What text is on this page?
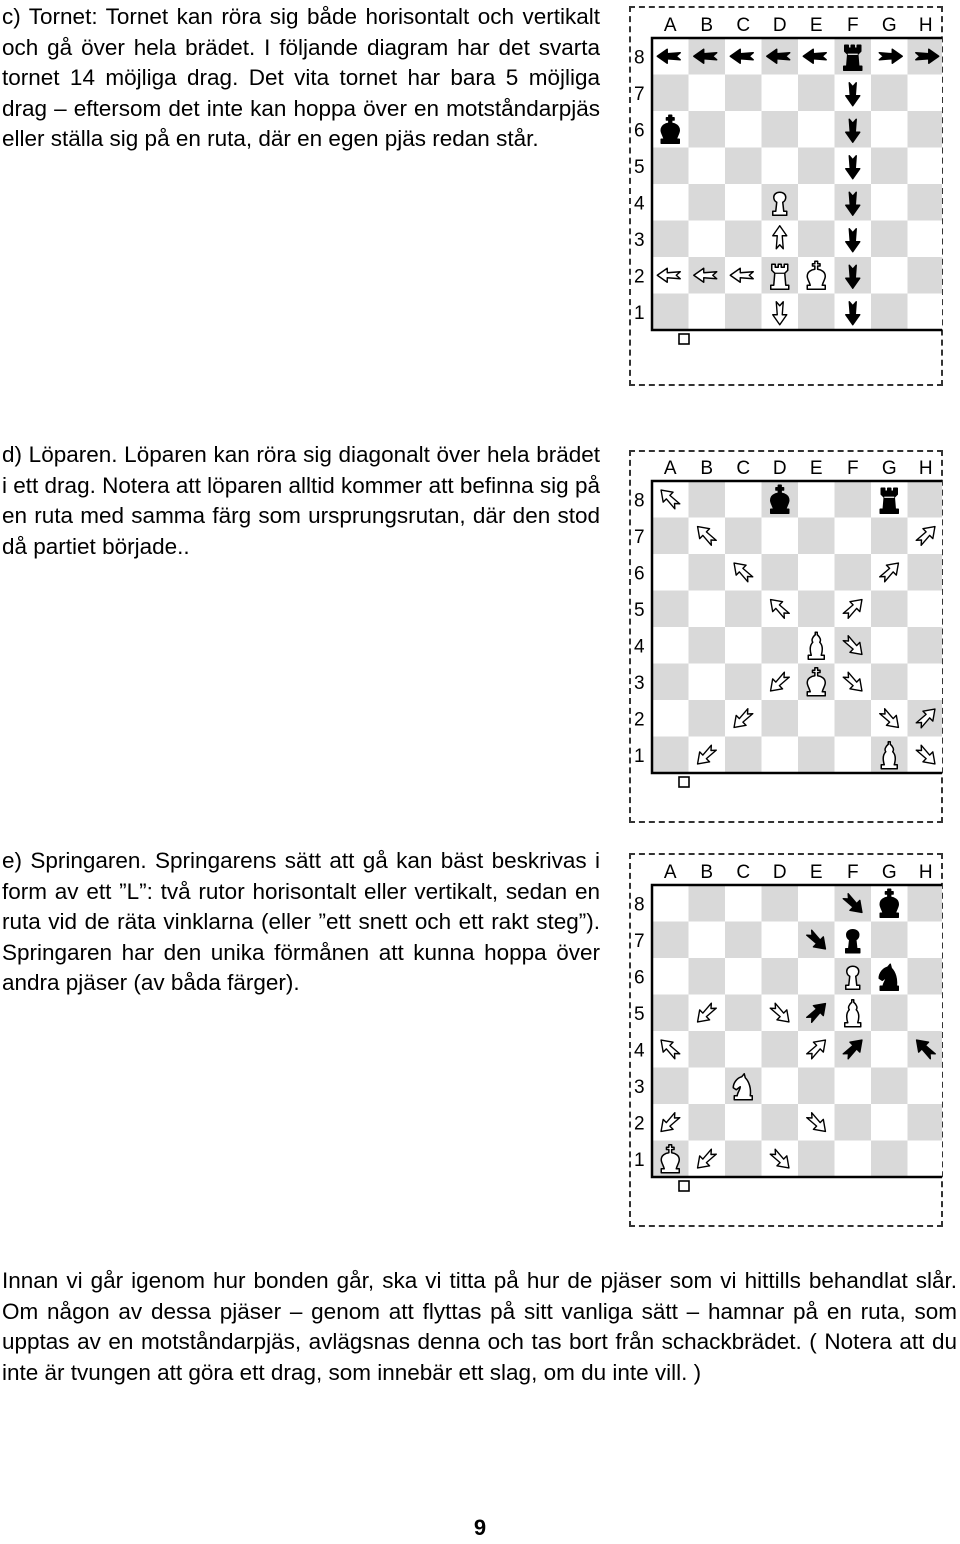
c) Tornet: Tornet kan röra sig både horisontalt och vertikalt och gå över hela brädet. I följande diagram har det svarta tornet 14 möjliga drag. Det vita tornet har bara 5 möjliga drag – eftersom det inte kan hoppa över en motståndarpjäs eller ställa sig på en ruta, där en egen pjäs redan står.

A B C D E F G H
8
7
6
5
4
3
2
1

d) Löparen. Löparen kan röra sig diagonalt över hela brädet i ett drag. Notera att löparen alltid kommer att befinna sig på en ruta med samma färg som ursprungsrutan, där den stod då partiet började..

A B C D E F G H
8
7
6
5
4
3
2
1

e) Springaren. Springarens sätt att gå kan bäst beskrivas i form av ett ”L”: två rutor horisontalt eller vertikalt, sedan en ruta vid de räta vinklarna (eller ”ett snett och ett rakt steg”). Springaren har den unika förmånen att kunna hoppa över andra pjäser (av båda färger).

A B C D E F G H
8
7
6
5
4
3
2
1

Innan vi går igenom hur bonden går, ska vi titta på hur de pjäser som vi hittills behandlat slår. Om någon av dessa pjäser – genom att flyttas på sitt vanliga sätt – hamnar på en ruta, som upptas av en motståndarpjäs, avlägsnas denna och tas bort från schackbrädet. ( Notera att du inte är tvungen att göra ett drag, som innebär ett slag, om du inte vill. )

9
